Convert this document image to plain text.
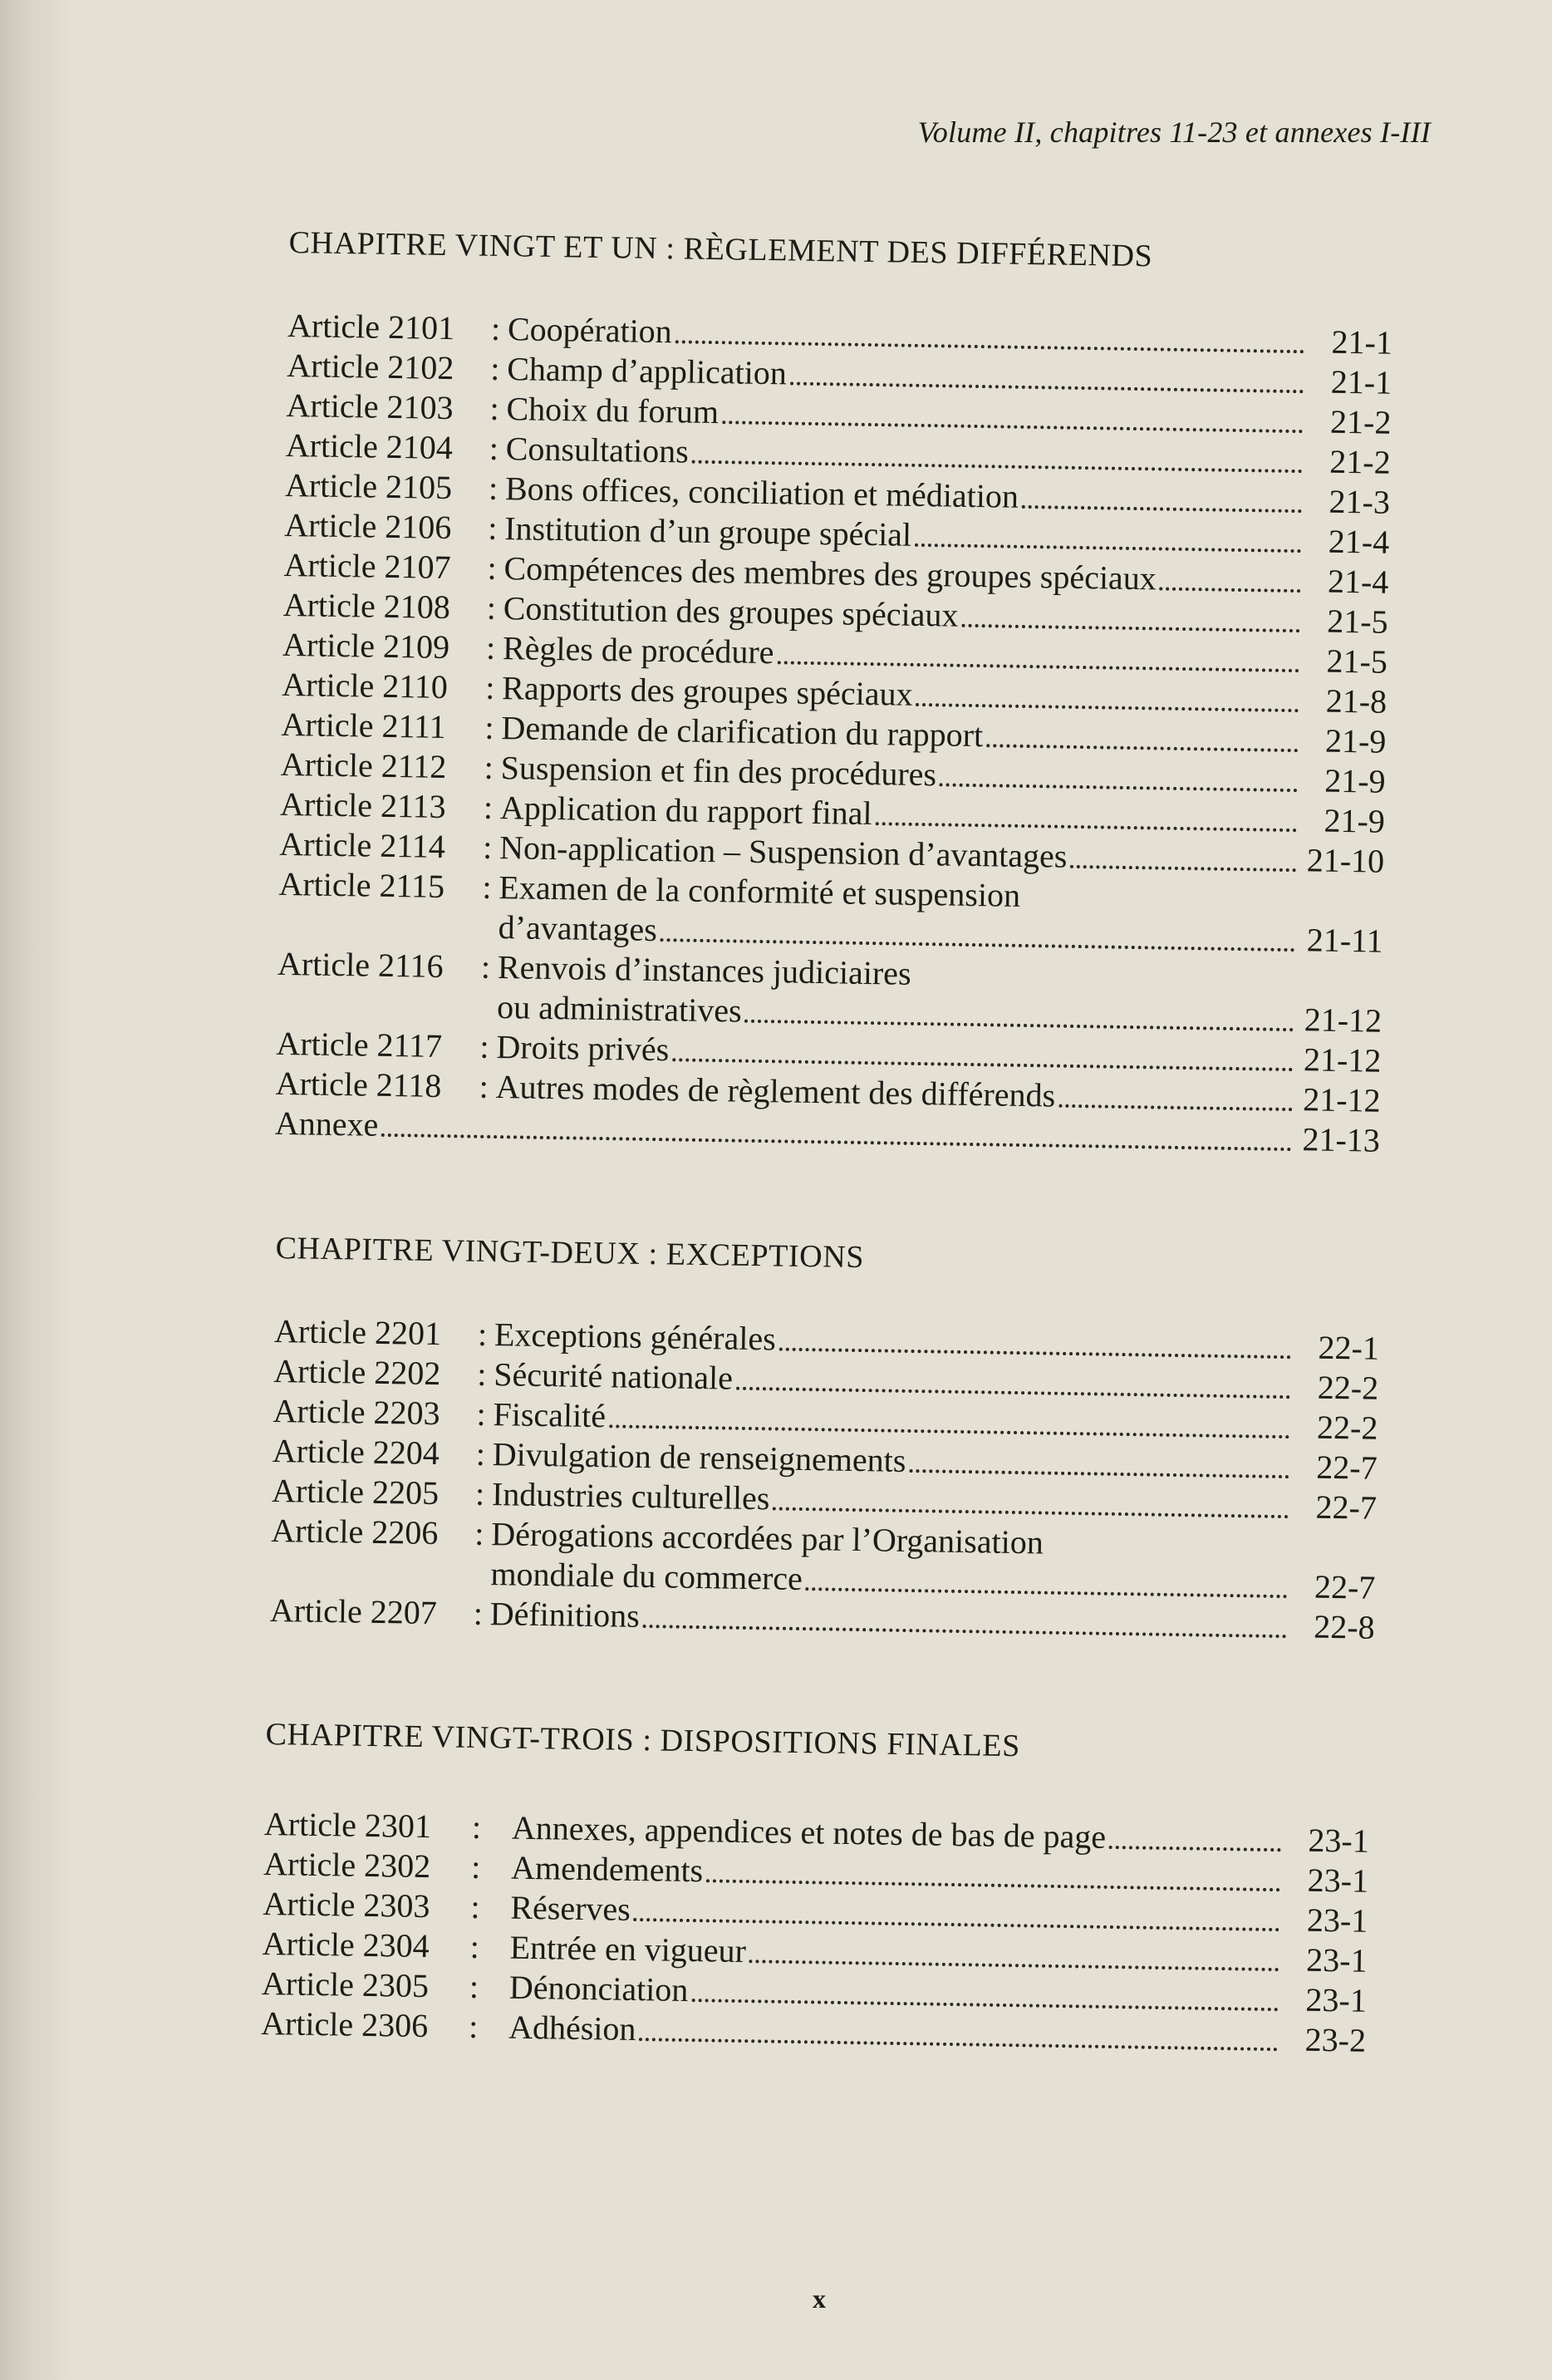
Volume II, chapitres 11-23 et annexes I-III
CHAPITRE VINGT ET UN : RÈGLEMENT DES DIFFÉRENDS
Article 2101	: Coopération	21-1
Article 2102	: Champ d’application	21-1
Article 2103	: Choix du forum	21-2
Article 2104	: Consultations	21-2
Article 2105	: Bons offices, conciliation et médiation	21-3
Article 2106	: Institution d’un groupe spécial	21-4
Article 2107	: Compétences des membres des groupes spéciaux	21-4
Article 2108	: Constitution des groupes spéciaux	21-5
Article 2109	: Règles de procédure	21-5
Article 2110	: Rapports des groupes spéciaux	21-8
Article 2111	: Demande de clarification du rapport	21-9
Article 2112	: Suspension et fin des procédures	21-9
Article 2113	: Application du rapport final	21-9
Article 2114	: Non-application – Suspension d’avantages	21-10
Article 2115	: Examen de la conformité et suspension
d’avantages	21-11
Article 2116	: Renvois d’instances judiciaires
ou administratives	21-12
Article 2117	: Droits privés	21-12
Article 2118	: Autres modes de règlement des différends	21-12
Annexe	21-13
CHAPITRE VINGT-DEUX : EXCEPTIONS
Article 2201	: Exceptions générales	22-1
Article 2202	: Sécurité nationale	22-2
Article 2203	: Fiscalité	22-2
Article 2204	: Divulgation de renseignements	22-7
Article 2205	: Industries culturelles	22-7
Article 2206	: Dérogations accordées par l’Organisation
mondiale du commerce	22-7
Article 2207	: Définitions	22-8
CHAPITRE VINGT-TROIS : DISPOSITIONS FINALES
Article 2301	: Annexes, appendices et notes de bas de page	23-1
Article 2302	: Amendements	23-1
Article 2303	: Réserves	23-1
Article 2304	: Entrée en vigueur	23-1
Article 2305	: Dénonciation	23-1
Article 2306	: Adhésion	23-2
x
